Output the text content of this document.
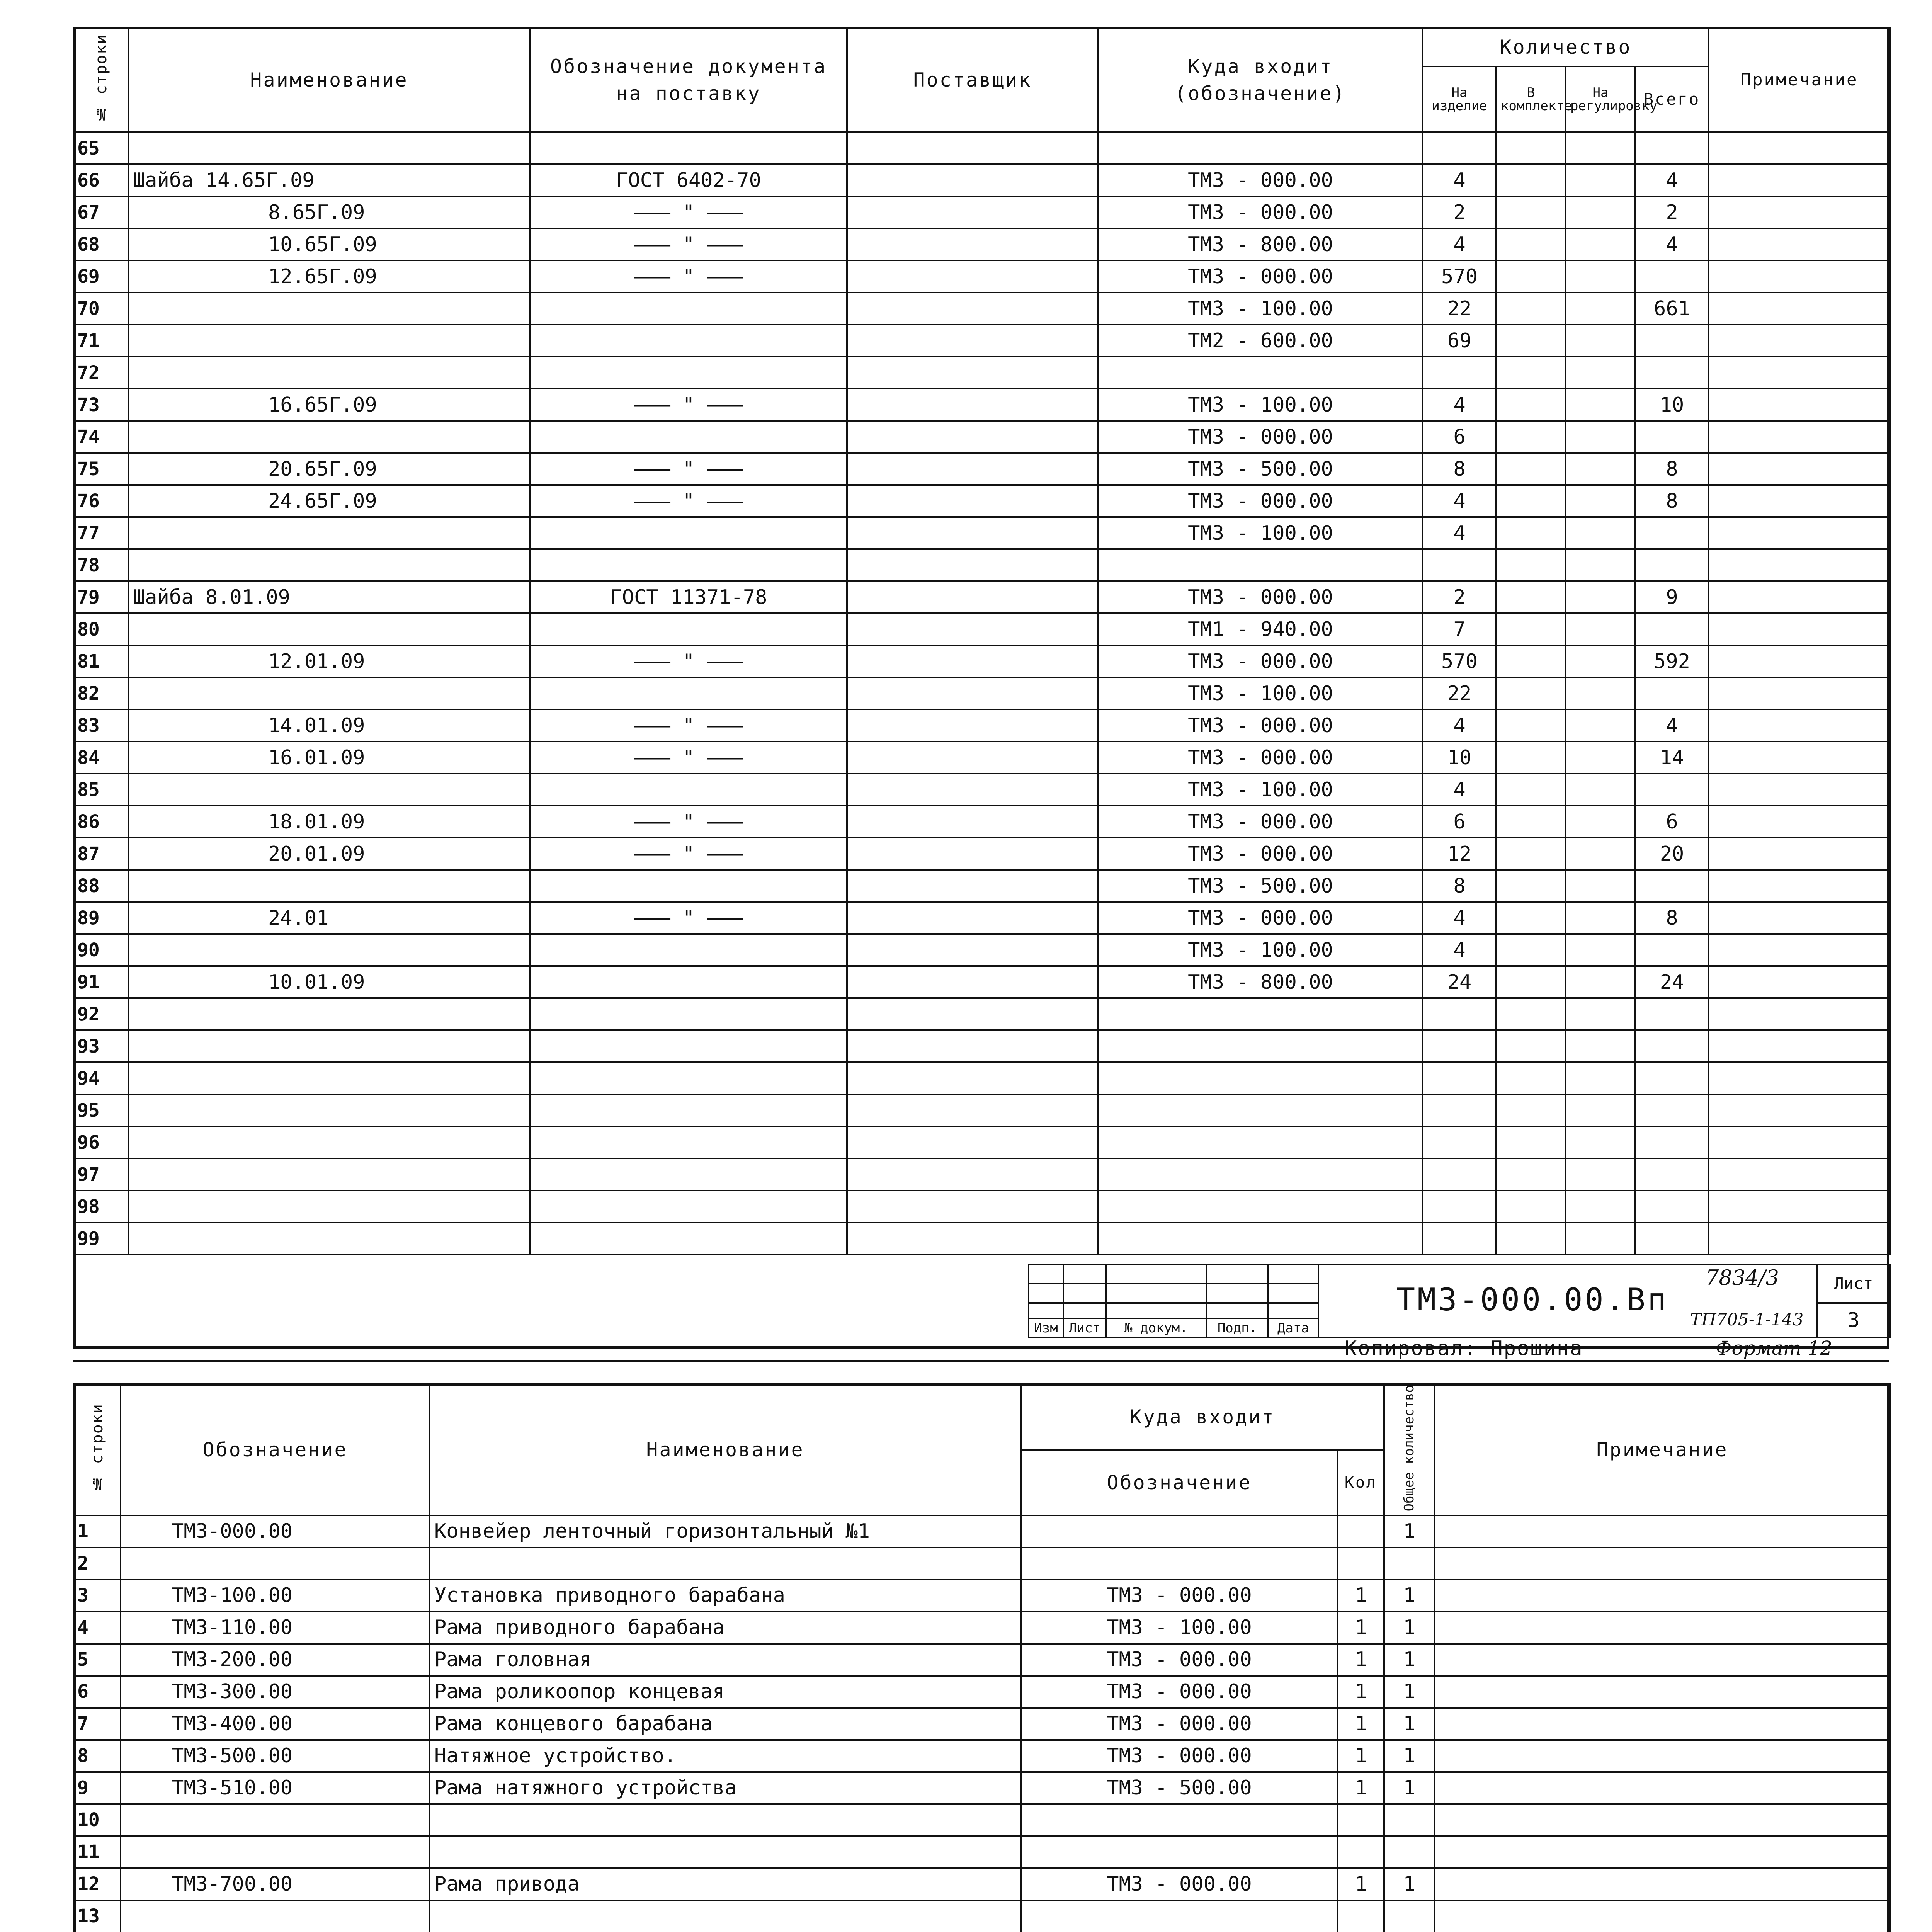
№ строки	Наименование	Обозначение документа на поставку	Поставщик	Куда входит (обозначение)	Количество				Примечание
					На изделие	В комплекте	На регулировку	Всего	
65									
66	Шайба 14.65Г.09	ГОСТ 6402-70		ТМ3 - 000.00	4			4	
67	8.65Г.09	——— " ———		ТМ3 - 000.00	2			2	
68	10.65Г.09	——— " ———		ТМ3 - 800.00	4			4	
69	12.65Г.09	——— " ———		ТМ3 - 000.00	570				
70				ТМ3 - 100.00	22			661	
71				ТМ2 - 600.00	69				
72									
73	16.65Г.09	——— " ———		ТМ3 - 100.00	4			10	
74				ТМ3 - 000.00	6				
75	20.65Г.09	——— " ———		ТМ3 - 500.00	8			8	
76	24.65Г.09	——— " ———		ТМ3 - 000.00	4			8	
77				ТМ3 - 100.00	4				
78									
79	Шайба 8.01.09	ГОСТ 11371-78		ТМ3 - 000.00	2			9	
80				ТМ1 - 940.00	7				
81	12.01.09	——— " ———		ТМ3 - 000.00	570			592	
82				ТМ3 - 100.00	22				
83	14.01.09	——— " ———		ТМ3 - 000.00	4			4	
84	16.01.09	——— " ———		ТМ3 - 000.00	10			14	
85				ТМ3 - 100.00	4				
86	18.01.09	——— " ———		ТМ3 - 000.00	6			6	
87	20.01.09	——— " ———		ТМ3 - 000.00	12			20	
88				ТМ3 - 500.00	8				
89	24.01	——— " ———		ТМ3 - 000.00	4			8	
90				ТМ3 - 100.00	4				
91	10.01.09			ТМ3 - 800.00	24			24	
92									
93									
94									
95									
96									
97									
98									
99									

					ТМ3-000.00.Вп
7834/3
ТП705-1-143	Лист

						3
Изм	Лист	№ докум.	Подп.	Дата		
Копировал: Прошина	Формат 12
№ строки	Обозначение	Наименование	Куда входит		Общее количество	Примечание
			Обозначение	Кол		
1	ТМ3-000.00	Конвейер ленточный горизонтальный №1			1	
2						
3	ТМ3-100.00	Установка приводного барабана	ТМ3 - 000.00	1	1	
4	ТМ3-110.00	Рама приводного барабана	ТМ3 - 100.00	1	1	
5	ТМ3-200.00	Рама головная	ТМ3 - 000.00	1	1	
6	ТМ3-300.00	Рама роликоопор концевая	ТМ3 - 000.00	1	1	
7	ТМ3-400.00	Рама концевого барабана	ТМ3 - 000.00	1	1	
8	ТМ3-500.00	Натяжное устройство.	ТМ3 - 000.00	1	1	
9	ТМ3-510.00	Рама натяжного устройства	ТМ3 - 500.00	1	1	
10						
11						
12	ТМ3-700.00	Рама привода	ТМ3 - 000.00	1	1	
13						
